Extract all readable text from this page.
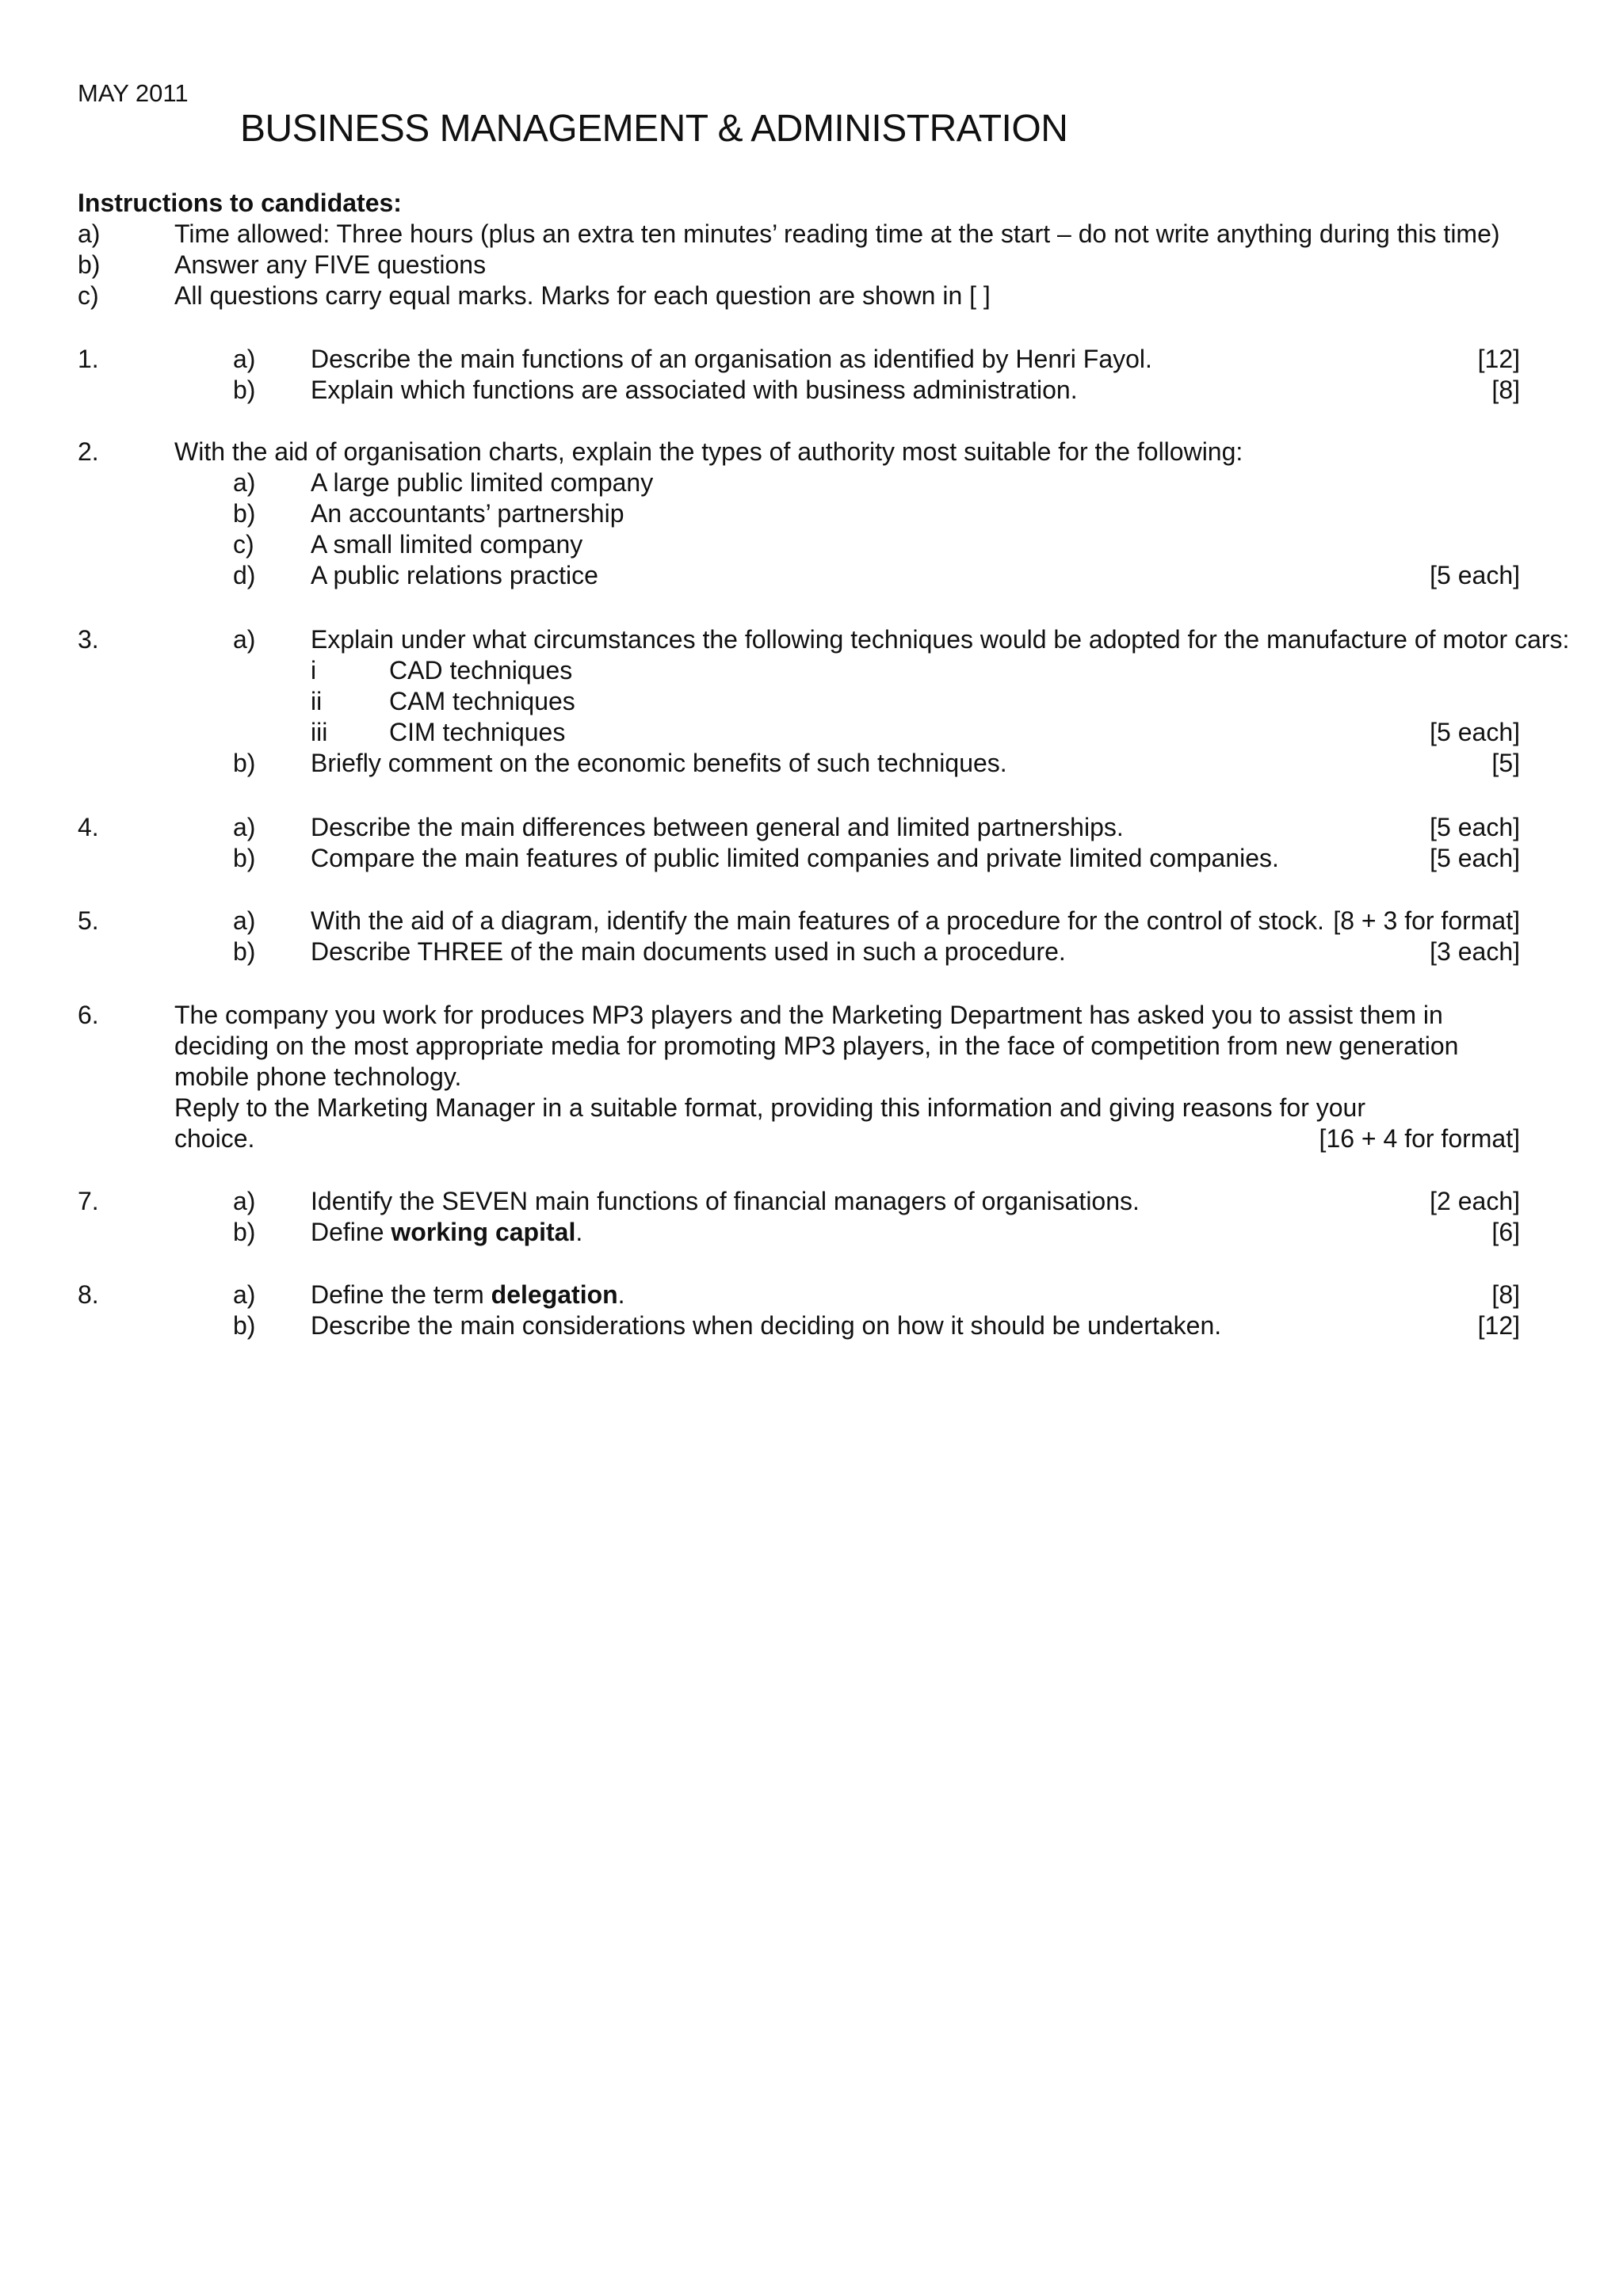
MAY 2011
BUSINESS MANAGEMENT & ADMINISTRATION
Instructions to candidates:
a)	Time allowed: Three hours (plus an extra ten minutes’ reading time at the start – do not write anything during this time)
b)	Answer any FIVE questions
c)	All questions carry equal marks. Marks for each question are shown in [ ]
1.	a) Describe the main functions of an organisation as identified by Henri Fayol.	[12]
b) Explain which functions are associated with business administration.	[8]
2.	With the aid of organisation charts, explain the types of authority most suitable for the following:
a) A large public limited company
b) An accountants’ partnership
c) A small limited company
d) A public relations practice	[5 each]
3.	a) Explain under what circumstances the following techniques would be adopted for the manufacture of motor cars:
i	CAD techniques
ii	CAM techniques
iii CIM techniques	[5 each]
b) Briefly comment on the economic benefits of such techniques.	[5]
4.	a) Describe the main differences between general and limited partnerships.	[5 each]
b) Compare the main features of public limited companies and private limited companies.	[5 each]
5.	a) With the aid of a diagram, identify the main features of a procedure for the control of stock. [8 + 3 for format]
b) Describe THREE of the main documents used in such a procedure.	[3 each]
6.	The company you work for produces MP3 players and the Marketing Department has asked you to assist them in
deciding on the most appropriate media for promoting MP3 players, in the face of competition from new generation
mobile phone technology.
Reply to the Marketing Manager in a suitable format, providing this information and giving reasons for your
choice.	[16 + 4 for format]
7.	a) Identify the SEVEN main functions of financial managers of organisations.	[2 each]
b) Define working capital.	[6]
8.	a) Define the term delegation.	[8]
b) Describe the main considerations when deciding on how it should be undertaken.	[12]
